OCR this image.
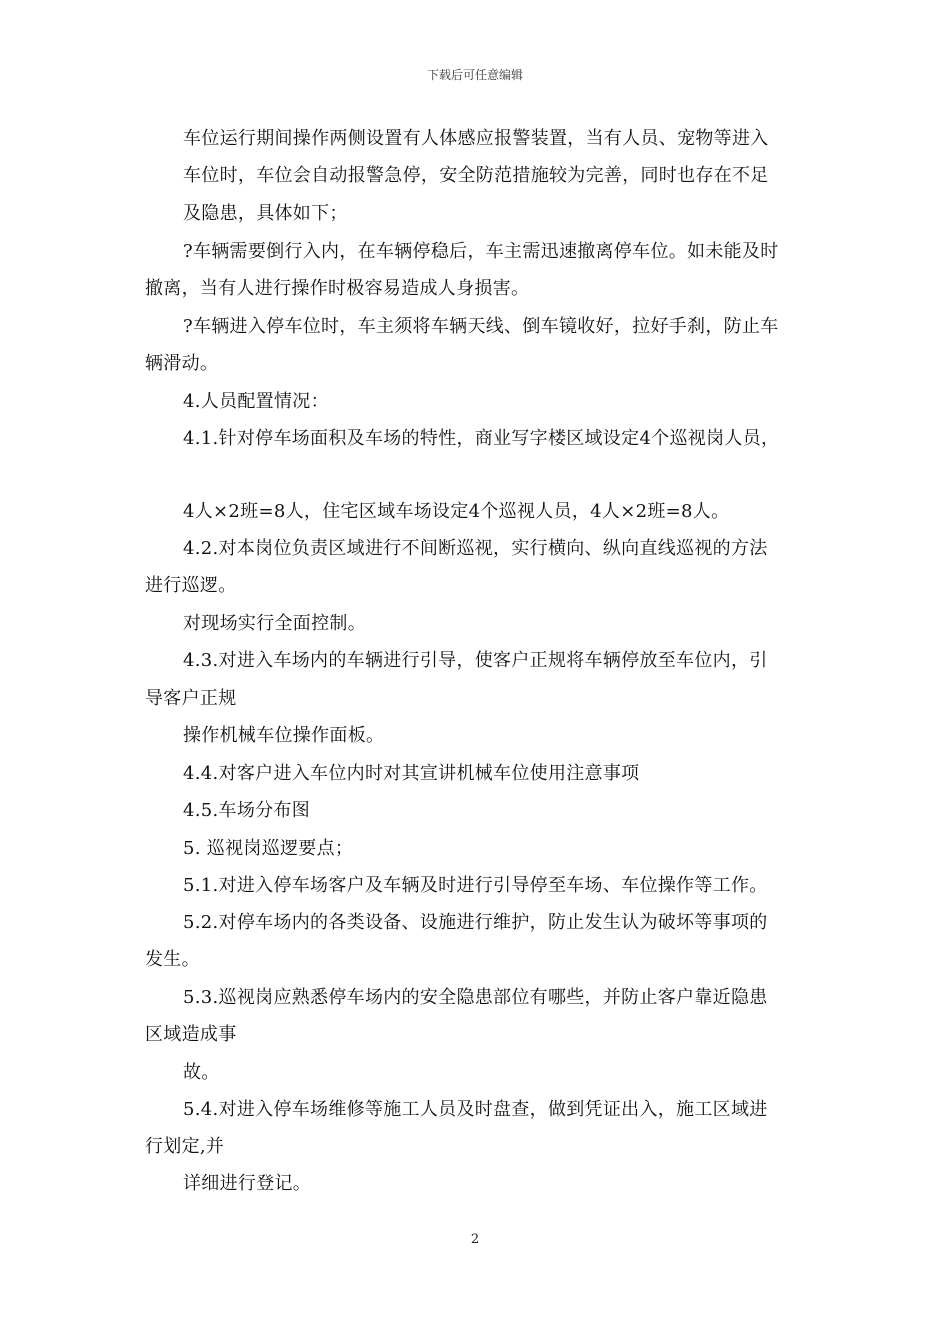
下载后可任意编辑
车位运行期间操作两侧设置有人体感应报警装置，当有人员、宠物等进入
车位时，车位会自动报警急停，安全防范措施较为完善，同时也存在不足
及隐患，具体如下；
?车辆需要倒行入内，在车辆停稳后，车主需迅速撤离停车位。如未能及时
撤离，当有人进行操作时极容易造成人身损害。
?车辆进入停车位时，车主须将车辆天线、倒车镜收好，拉好手刹，防止车
辆滑动。
4.人员配置情况：
4.1.针对停车场面积及车场的特性，商业写字楼区域设定4个巡视岗人员，
4人×2班=8人，住宅区域车场设定4个巡视人员，4人×2班=8人。
4.2.对本岗位负责区域进行不间断巡视，实行横向、纵向直线巡视的方法
进行巡逻。
对现场实行全面控制。
4.3.对进入车场内的车辆进行引导，使客户正规将车辆停放至车位内，引
导客户正规
操作机械车位操作面板。
4.4.对客户进入车位内时对其宣讲机械车位使用注意事项
4.5.车场分布图
5. 巡视岗巡逻要点；
5.1.对进入停车场客户及车辆及时进行引导停至车场、车位操作等工作。
5.2.对停车场内的各类设备、设施进行维护，防止发生认为破坏等事项的
发生。
5.3.巡视岗应熟悉停车场内的安全隐患部位有哪些，并防止客户靠近隐患
区域造成事
故。
5.4.对进入停车场维修等施工人员及时盘查，做到凭证出入，施工区域进
行划定,并
详细进行登记。
2
